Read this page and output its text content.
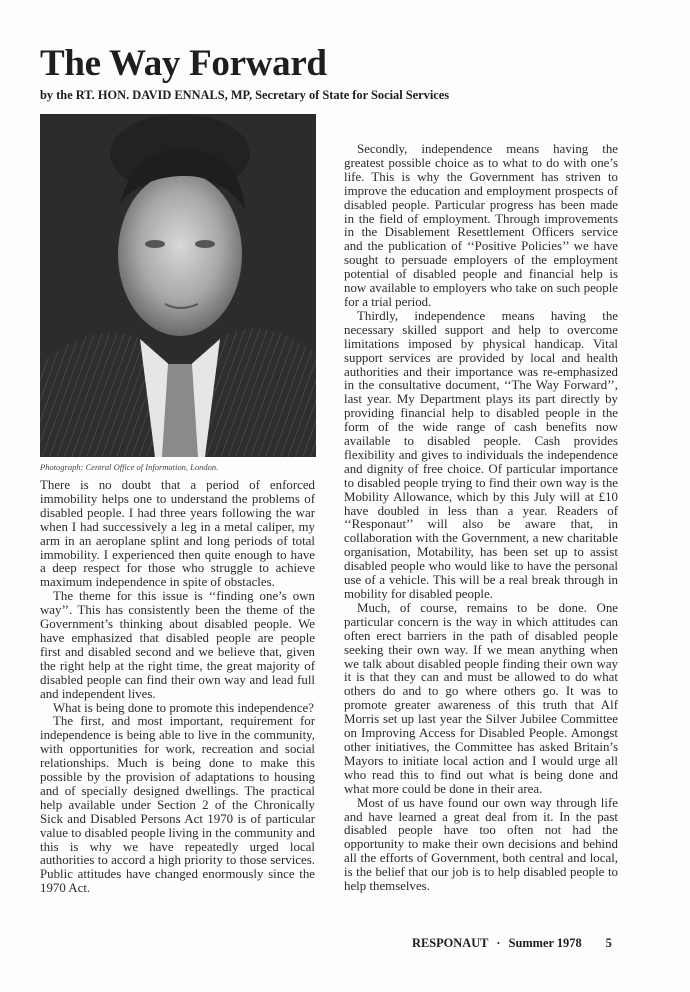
The Way Forward
by the RT. HON. DAVID ENNALS, MP, Secretary of State for Social Services
Photograph: Central Office of Information, London.

There is no doubt that a period of enforced immobility helps one to understand the problems of disabled people. I had three years following the war when I had successively a leg in a metal caliper, my arm in an aeroplane splint and long periods of total immobility. I experienced then quite enough to have a deep respect for those who struggle to achieve maximum independence in spite of obstacles.

The theme for this issue is ‘‘finding one’s own way’’. This has consistently been the theme of the Government’s thinking about disabled people. We have emphasized that disabled people are people first and disabled second and we believe that, given the right help at the right time, the great majority of disabled people can find their own way and lead full and independent lives.

What is being done to promote this independence?

The first, and most important, requirement for independence is being able to live in the community, with opportunities for work, recreation and social relationships. Much is being done to make this possible by the provision of adaptations to housing and of specially designed dwellings. The practical help available under Section 2 of the Chronically Sick and Disabled Persons Act 1970 is of particular value to disabled people living in the community and this is why we have repeatedly urged local authorities to accord a high priority to those services. Public attitudes have changed enormously since the 1970 Act.

Secondly, independence means having the greatest possible choice as to what to do with one’s life. This is why the Government has striven to improve the education and employment prospects of disabled people. Particular progress has been made in the field of employment. Through improvements in the Disablement Resettlement Officers service and the publication of ‘‘Positive Policies’’ we have sought to persuade employers of the employment potential of disabled people and financial help is now available to employers who take on such people for a trial period.

Thirdly, independence means having the necessary skilled support and help to overcome limitations imposed by physical handicap. Vital support services are provided by local and health authorities and their importance was re-emphasized in the consultative document, ‘‘The Way Forward’’, last year. My Department plays its part directly by providing financial help to disabled people in the form of the wide range of cash benefits now available to disabled people. Cash provides flexibility and gives to individuals the independence and dignity of free choice. Of particular importance to disabled people trying to find their own way is the Mobility Allowance, which by this July will at £10 have doubled in less than a year. Readers of ‘‘Responaut’’ will also be aware that, in collaboration with the Government, a new charitable organisation, Motability, has been set up to assist disabled people who would like to have the personal use of a vehicle. This will be a real break through in mobility for disabled people.

Much, of course, remains to be done. One particular concern is the way in which attitudes can often erect barriers in the path of disabled people seeking their own way. If we mean anything when we talk about disabled people finding their own way it is that they can and must be allowed to do what others do and to go where others go. It was to promote greater awareness of this truth that Alf Morris set up last year the Silver Jubilee Committee on Improving Access for Disabled People. Amongst other initiatives, the Committee has asked Britain’s Mayors to initiate local action and I would urge all who read this to find out what is being done and what more could be done in their area.

Most of us have found our own way through life and have learned a great deal from it. In the past disabled people have too often not had the opportunity to make their own decisions and behind all the efforts of Government, both central and local, is the belief that our job is to help disabled people to help themselves.

RESPONAUT · Summer 1978 5
